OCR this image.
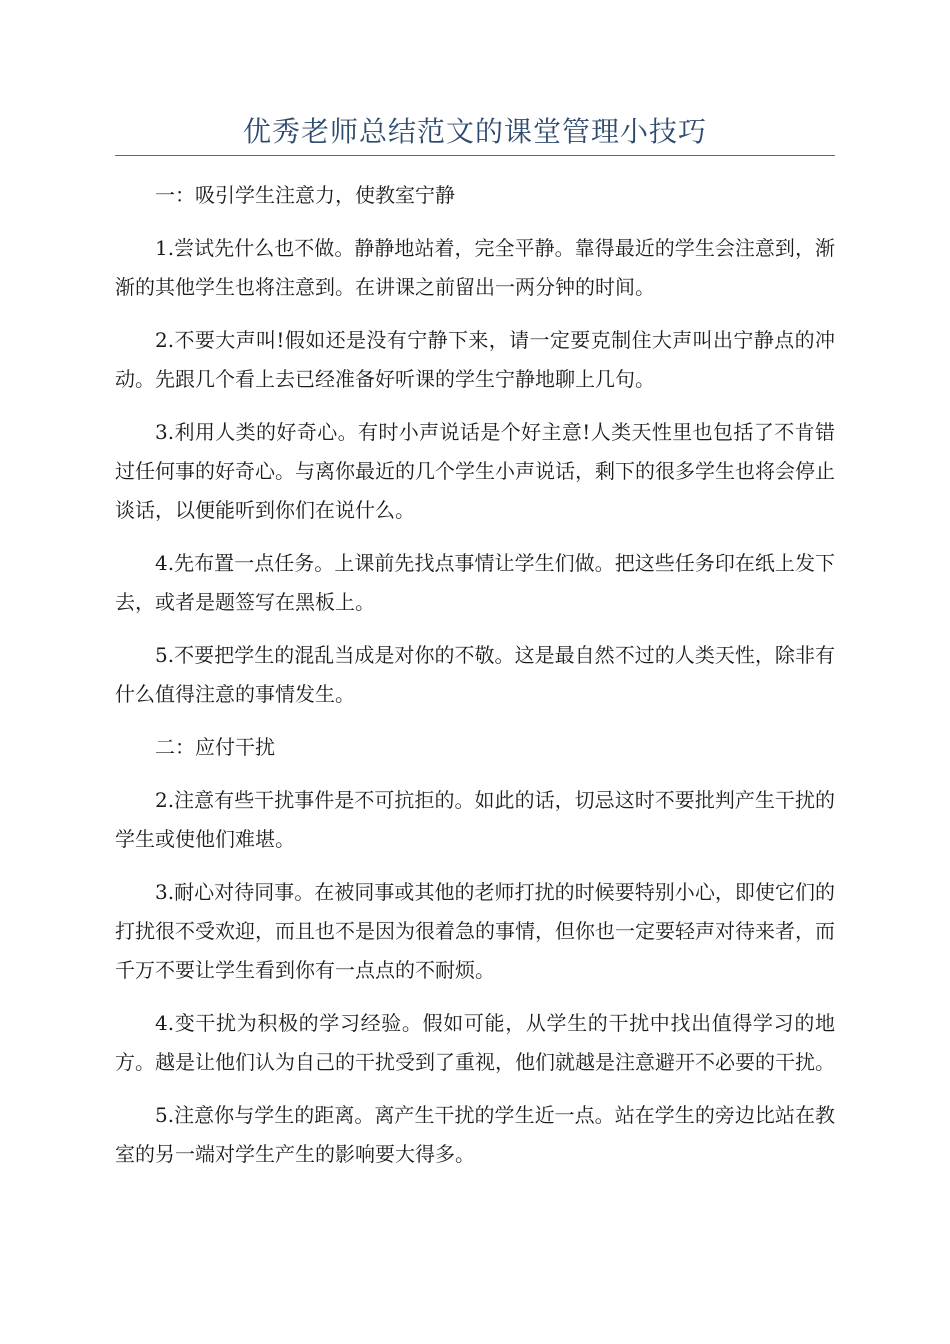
优秀老师总结范文的课堂管理小技巧

一：吸引学生注意力，使教室宁静

1.尝试先什么也不做。静静地站着，完全平静。靠得最近的学生会注意到，渐渐的其他学生也将注意到。在讲课之前留出一两分钟的时间。

2.不要大声叫!假如还是没有宁静下来，请一定要克制住大声叫出宁静点的冲动。先跟几个看上去已经准备好听课的学生宁静地聊上几句。

3.利用人类的好奇心。有时小声说话是个好主意!人类天性里也包括了不肯错过任何事的好奇心。与离你最近的几个学生小声说话，剩下的很多学生也将会停止谈话，以便能听到你们在说什么。

4.先布置一点任务。上课前先找点事情让学生们做。把这些任务印在纸上发下去，或者是题签写在黑板上。

5.不要把学生的混乱当成是对你的不敬。这是最自然不过的人类天性，除非有什么值得注意的事情发生。

二：应付干扰

2.注意有些干扰事件是不可抗拒的。如此的话，切忌这时不要批判产生干扰的学生或使他们难堪。

3.耐心对待同事。在被同事或其他的老师打扰的时候要特别小心，即使它们的打扰很不受欢迎，而且也不是因为很着急的事情，但你也一定要轻声对待来者，而千万不要让学生看到你有一点点的不耐烦。

4.变干扰为积极的学习经验。假如可能，从学生的干扰中找出值得学习的地方。越是让他们认为自己的干扰受到了重视，他们就越是注意避开不必要的干扰。

5.注意你与学生的距离。离产生干扰的学生近一点。站在学生的旁边比站在教室的另一端对学生产生的影响要大得多。
